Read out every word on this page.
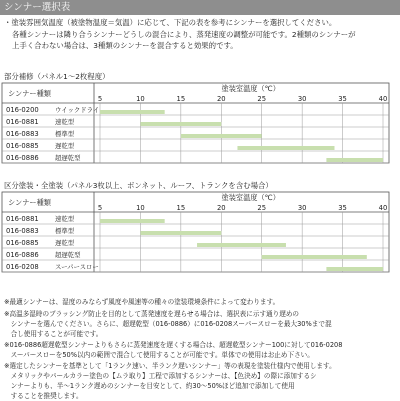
シンナー選択表
・塗装雰囲気温度（被塗物温度＝気温）に応じて、下記の表を参考にシンナーを選択してください。
各種シンナーは隣り合うシンナーどうしの混合により、蒸発速度の調整が可能です。2種類のシンナーが
上手く合わない場合は、3種類のシンナーを混合すると効果的です。
部分補修（パネル1～2枚程度）
シンナー種類
塗装室温度（℃）
5	10	15	20	25	30	35	40
016-0200	ウイックドライ
016-0881	速乾型
016-0883	標準型
016-0885	遅乾型
016-0886	超遅乾型
区分塗装・全塗装（パネル3枚以上、ボンネット、ルーフ、トランクを含む場合）
シンナー種類
塗装室温度（℃）
5	10	15	20	25	30	35	40
016-0881	速乾型
016-0883	標準型
016-0885	遅乾型
016-0886	超遅乾型
016-0208	スーパースロー
※最適シンナーは、湿度のみならず風度や風速等の種々の塗装環境条件によって変わります。
※高温多湿時のブラッシング防止を目的として蒸発速度を遅らせる場合は、選択表に示す通り遅めの
　シンナーを選んでください。さらに、超遅乾型（016-0886）に016-0208スーパースローを最大30%まで混
　合し使用することが可能です。
※016-0886超遅乾型シンナーよりもさらに蒸発速度を遅くする場合は、超遅乾型シンナー100に対して016-0208
　スーパースローを50%以内の範囲で混合して使用することが可能です。単体での使用はお止め下さい。
※選定したシンナーを基準として「1ランク速い、半ランク遅いシンナー」等の表現を塗装仕様内で使用します。
　メタリックやパールカラー塗色の【ムラ取り】工程で添加するシンナーは、【色決め】の際に添加するシ
　ンナーよりも、半～1ランク遅めのシンナーを目安として、約30～50%ほど追加で添加して使用
　することを推奨します。
